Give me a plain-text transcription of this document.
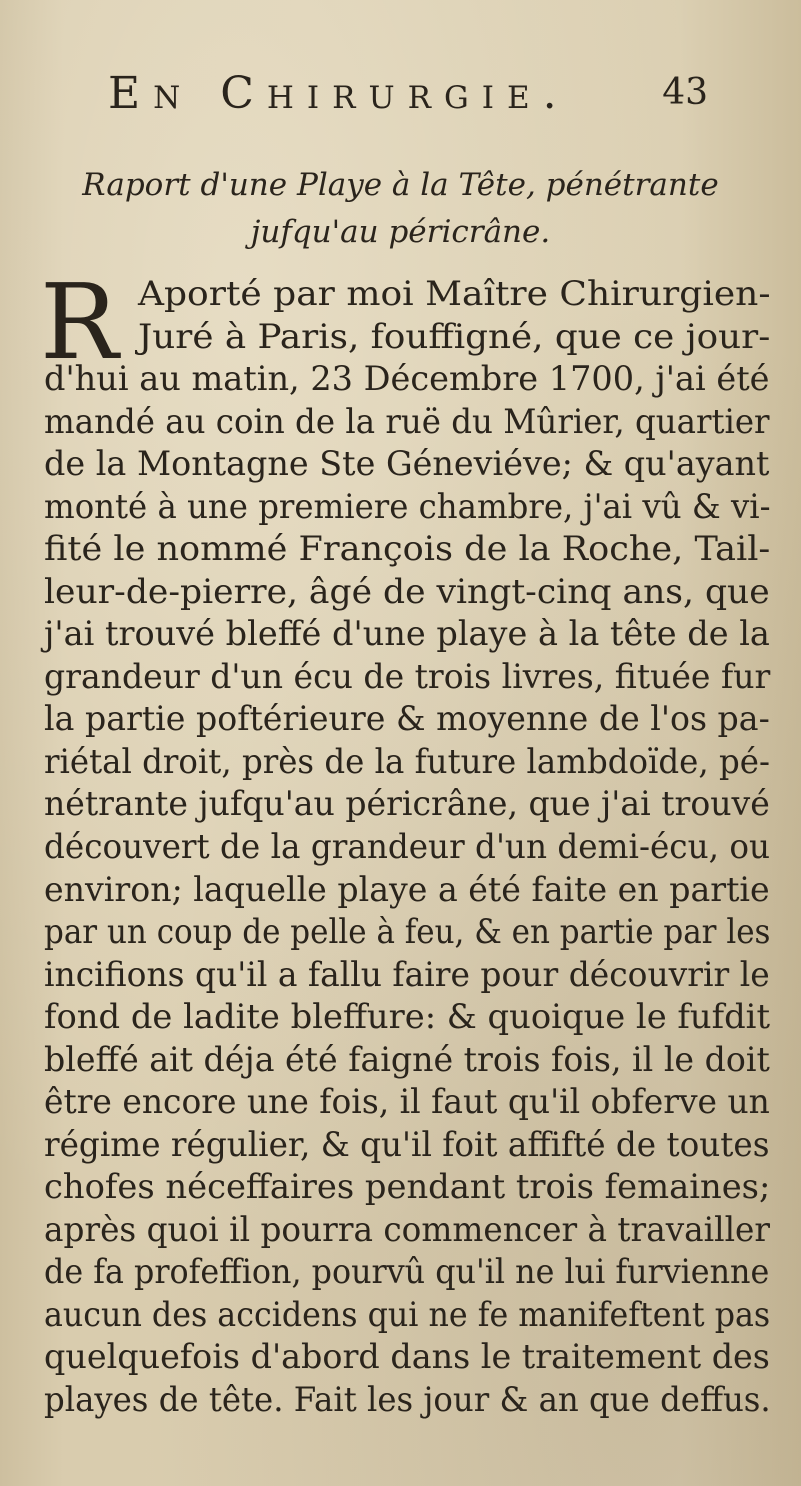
En Chirurgie.	43
Raport d'une Playe à la Tête, pénétrante
jufqu'au péricrâne.
R Aporté par moi Maître Chirurgien-
Juré à Paris, fouffigné, que ce jour-
d'hui au matin, 23 Décembre 1700, j'ai été
mandé au coin de la ruë du Mûrier, quartier
de la Montagne Ste Géneviéve; & qu'ayant
monté à une premiere chambre, j'ai vû & vi-
fité le nommé François de la Roche, Tail-
leur-de-pierre, âgé de vingt-cinq ans, que
j'ai trouvé bleffé d'une playe à la tête de la
grandeur d'un écu de trois livres, fituée fur
la partie poftérieure & moyenne de l'os pa-
riétal droit, près de la future lambdoïde, pé-
nétrante jufqu'au péricrâne, que j'ai trouvé
découvert de la grandeur d'un demi-écu, ou
environ; laquelle playe a été faite en partie
par un coup de pelle à feu, & en partie par les
incifions qu'il a fallu faire pour découvrir le
fond de ladite bleffure: & quoique le fufdit
bleffé ait déja été faigné trois fois, il le doit
être encore une fois, il faut qu'il obferve un
régime régulier, & qu'il foit affifté de toutes
chofes néceffaires pendant trois femaines;
après quoi il pourra commencer à travailler
de fa profeffion, pourvû qu'il ne lui furvienne
aucun des accidens qui ne fe manifeftent pas
quelquefois d'abord dans le traitement des
playes de tête. Fait les jour & an que deffus.
